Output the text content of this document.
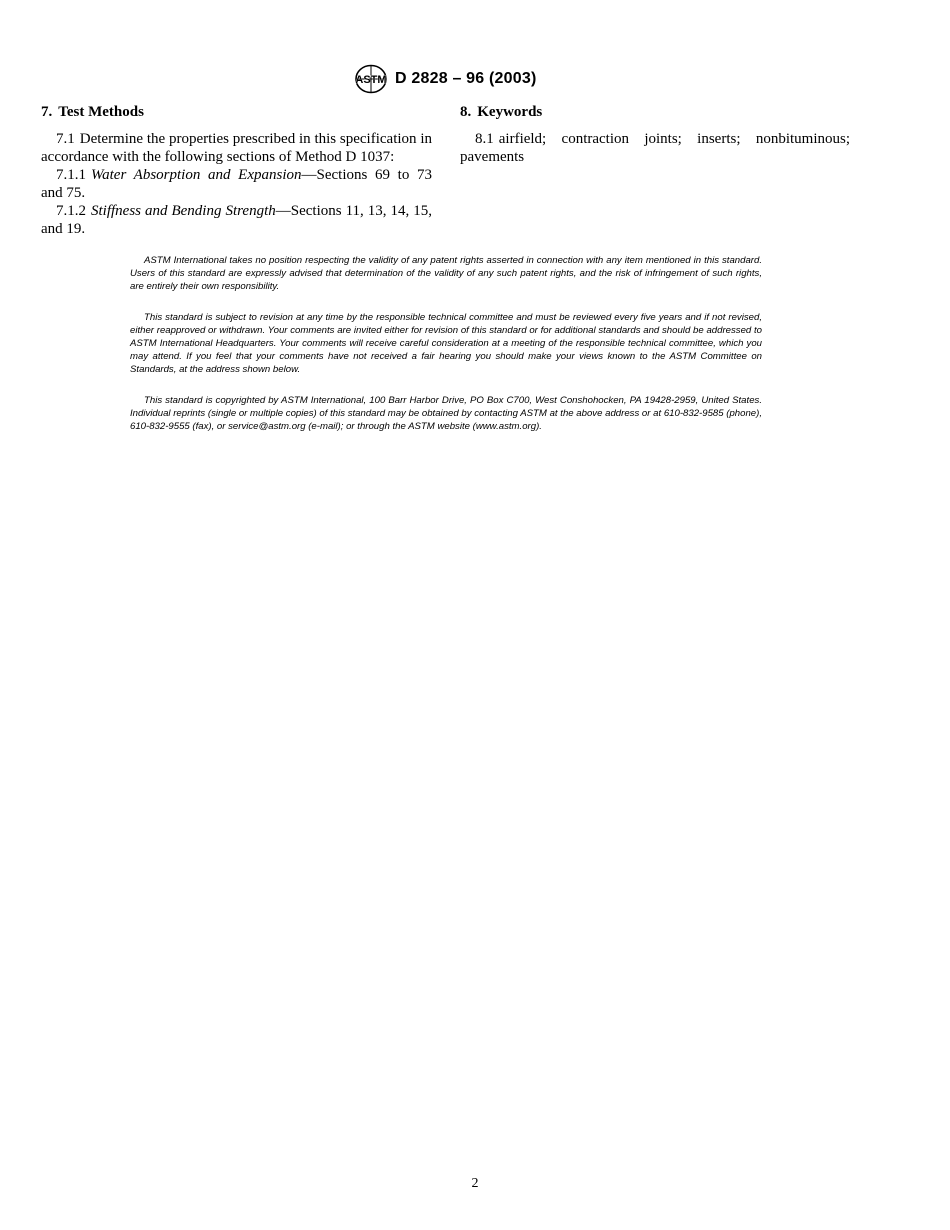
ASTM D 2828 – 96 (2003)
7. Test Methods

7.1 Determine the properties prescribed in this specification in accordance with the following sections of Method D 1037:

7.1.1 Water Absorption and Expansion—Sections 69 to 73 and 75.

7.1.2 Stiffness and Bending Strength—Sections 11, 13, 14, 15, and 19.

8. Keywords

8.1 airfield; contraction joints; inserts; nonbituminous; pavements

ASTM International takes no position respecting the validity of any patent rights asserted in connection with any item mentioned in this standard. Users of this standard are expressly advised that determination of the validity of any such patent rights, and the risk of infringement of such rights, are entirely their own responsibility.

This standard is subject to revision at any time by the responsible technical committee and must be reviewed every five years and if not revised, either reapproved or withdrawn. Your comments are invited either for revision of this standard or for additional standards and should be addressed to ASTM International Headquarters. Your comments will receive careful consideration at a meeting of the responsible technical committee, which you may attend. If you feel that your comments have not received a fair hearing you should make your views known to the ASTM Committee on Standards, at the address shown below.

This standard is copyrighted by ASTM International, 100 Barr Harbor Drive, PO Box C700, West Conshohocken, PA 19428-2959, United States. Individual reprints (single or multiple copies) of this standard may be obtained by contacting ASTM at the above address or at 610-832-9585 (phone), 610-832-9555 (fax), or service@astm.org (e-mail); or through the ASTM website (www.astm.org).

2
